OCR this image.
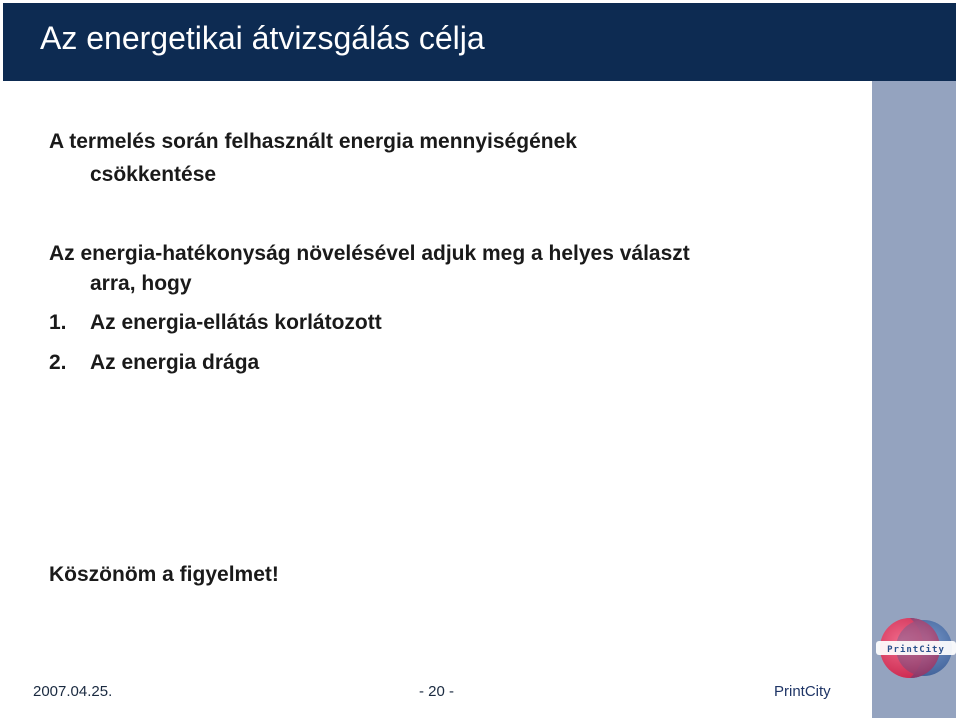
Az energetikai átvizsgálás célja
A termelés során felhasznált energia mennyiségének
csökkentése
Az energia-hatékonyság növelésével adjuk meg a helyes választ
arra, hogy
1. Az energia-ellátás korlátozott
2. Az energia drága
Köszönöm a figyelmet!
PrintCity
2007.04.25.	- 20 -	PrintCity
